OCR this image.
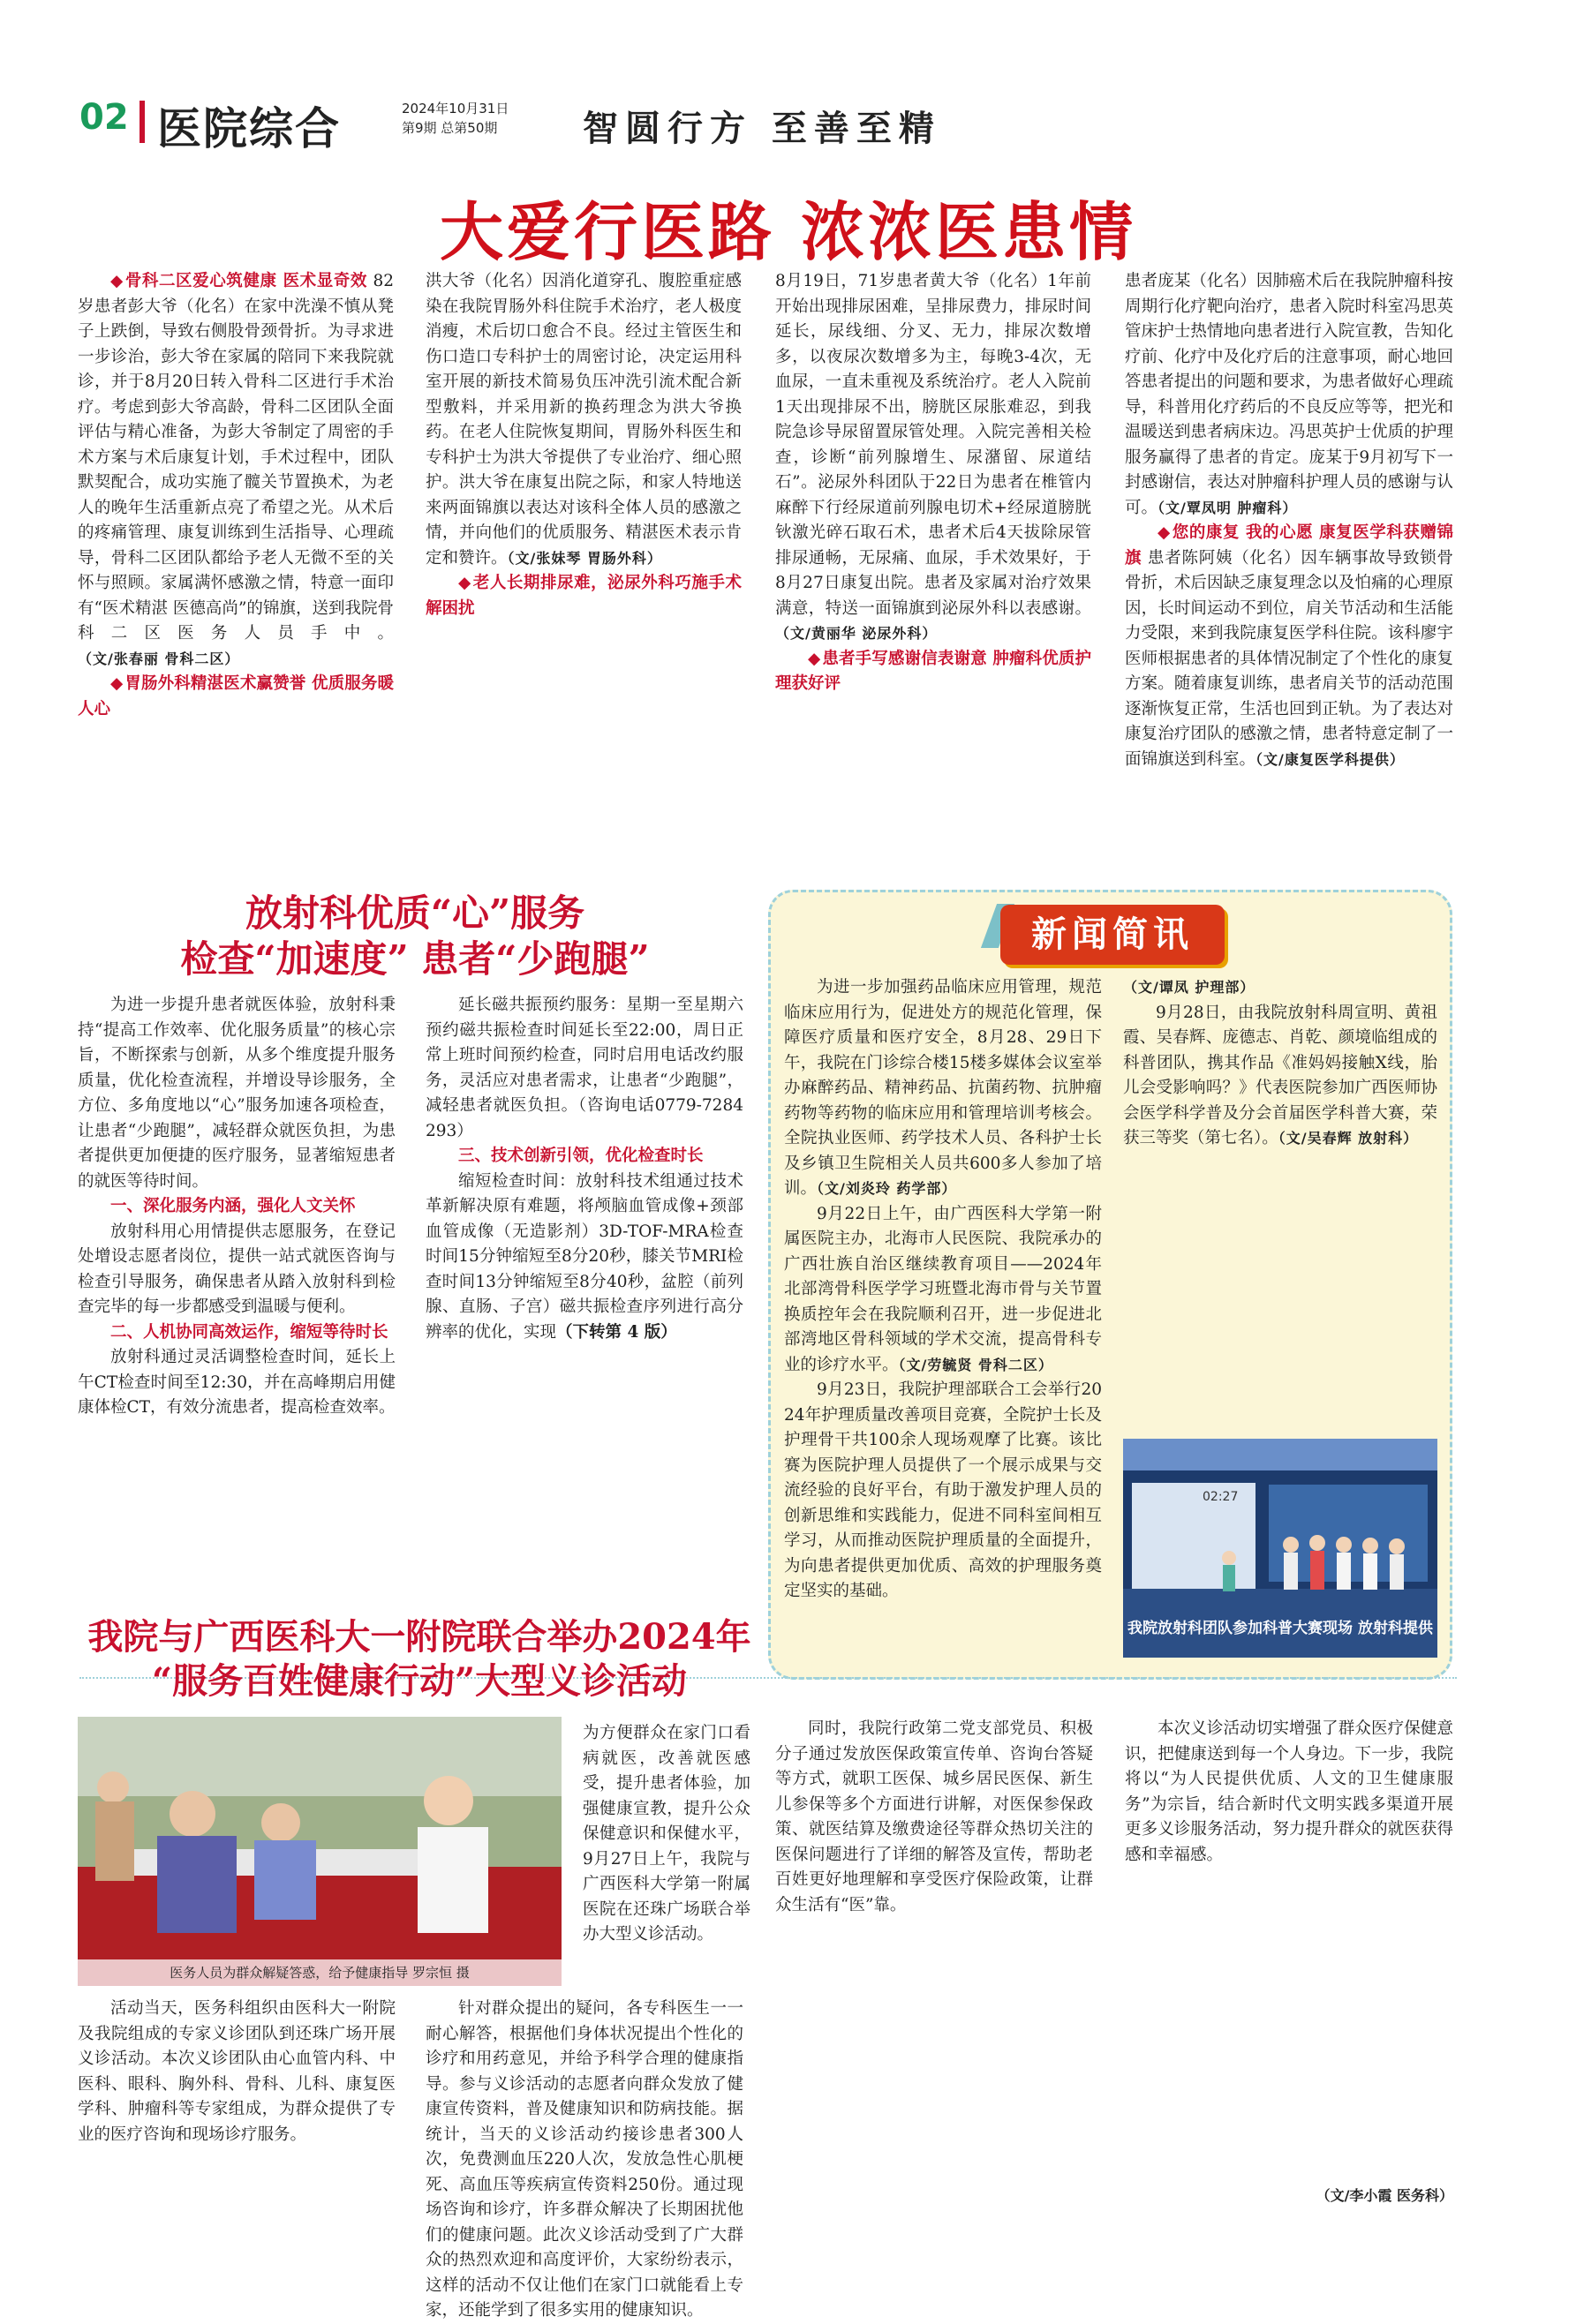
02 医院综合	2024年10月31日
第9期 总第50期	智圆行方 至善至精
大爱行医路 浓浓医患情

◆ 骨科二区爱心筑健康 医术显奇效 82岁患者彭大爷（化名）在家中洗澡不慎从凳子上跌倒，导致右侧股骨颈骨折。为寻求进一步诊治，彭大爷在家属的陪同下来我院就诊，并于8月20日转入骨科二区进行手术治疗。考虑到彭大爷高龄，骨科二区团队全面评估与精心准备，为彭大爷制定了周密的手术方案与术后康复计划，手术过程中，团队默契配合，成功实施了髋关节置换术，为老人的晚年生活重新点亮了希望之光。从术后的疼痛管理、康复训练到生活指导、心理疏导，骨科二区团队都给予老人无微不至的关怀与照顾。家属满怀感激之情，特意一面印有“医术精湛 医德高尚”的锦旗，送到我院骨科二区医务人员手中。（文/张春丽 骨科二区）

◆ 胃肠外科精湛医术赢赞誉 优质服务暖人心

洪大爷（化名）因消化道穿孔、腹腔重症感染在我院胃肠外科住院手术治疗，老人极度消瘦，术后切口愈合不良。经过主管医生和伤口造口专科护士的周密讨论，决定运用科室开展的新技术简易负压冲洗引流术配合新型敷料，并采用新的换药理念为洪大爷换药。在老人住院恢复期间，胃肠外科医生和专科护士为洪大爷提供了专业治疗、细心照护。洪大爷在康复出院之际，和家人特地送来两面锦旗以表达对该科全体人员的感激之情，并向他们的优质服务、精湛医术表示肯定和赞许。（文/张妹琴 胃肠外科）

◆ 老人长期排尿难，泌尿外科巧施手术解困扰

8月19日，71岁患者黄大爷（化名）1年前开始出现排尿困难，呈排尿费力，排尿时间延长，尿线细、分叉、无力，排尿次数增多，以夜尿次数增多为主，每晚3-4次，无血尿，一直未重视及系统治疗。老人入院前1天出现排尿不出，膀胱区尿胀难忍，到我院急诊导尿留置尿管处理。入院完善相关检查，诊断“前列腺增生、尿潴留、尿道结石”。泌尿外科团队于22日为患者在椎管内麻醉下行经尿道前列腺电切术+经尿道膀胱钬激光碎石取石术，患者术后4天拔除尿管排尿通畅，无尿痛、血尿，手术效果好，于8月27日康复出院。患者及家属对治疗效果满意，特送一面锦旗到泌尿外科以表感谢。（文/黄丽华 泌尿外科）

◆ 患者手写感谢信表谢意 肿瘤科优质护理获好评

患者庞某（化名）因肺癌术后在我院肿瘤科按周期行化疗靶向治疗，患者入院时科室冯思英管床护士热情地向患者进行入院宣教，告知化疗前、化疗中及化疗后的注意事项，耐心地回答患者提出的问题和要求，为患者做好心理疏导，科普用化疗药后的不良反应等等，把光和温暖送到患者病床边。冯思英护士优质的护理服务赢得了患者的肯定。庞某于9月初写下一封感谢信，表达对肿瘤科护理人员的感谢与认可。（文/覃凤明 肿瘤科）

◆ 您的康复 我的心愿 康复医学科获赠锦旗 患者陈阿姨（化名）因车辆事故导致锁骨骨折，术后因缺乏康复理念以及怕痛的心理原因，长时间运动不到位，肩关节活动和生活能力受限，来到我院康复医学科住院。该科廖宇医师根据患者的具体情况制定了个性化的康复方案。随着康复训练，患者肩关节的活动范围逐渐恢复正常，生活也回到正轨。为了表达对康复治疗团队的感激之情，患者特意定制了一面锦旗送到科室。（文/康复医学科提供）

放射科优质“心”服务
检查“加速度” 患者“少跑腿”

为进一步提升患者就医体验，放射科秉持“提高工作效率、优化服务质量”的核心宗旨，不断探索与创新，从多个维度提升服务质量，优化检查流程，并增设导诊服务，全方位、多角度地以“心”服务加速各项检查，让患者“少跑腿”，减轻群众就医负担，为患者提供更加便捷的医疗服务，显著缩短患者的就医等待时间。

一、深化服务内涵，强化人文关怀

放射科用心用情提供志愿服务，在登记处增设志愿者岗位，提供一站式就医咨询与检查引导服务，确保患者从踏入放射科到检查完毕的每一步都感受到温暖与便利。

二、人机协同高效运作，缩短等待时长

放射科通过灵活调整检查时间，延长上午CT检查时间至12:30，并在高峰期启用健康体检CT，有效分流患者，提高检查效率。

延长磁共振预约服务：星期一至星期六预约磁共振检查时间延长至22:00，周日正常上班时间预约检查，同时启用电话改约服务，灵活应对患者需求，让患者“少跑腿”，减轻患者就医负担。（咨询电话0779-7284293）

三、技术创新引领，优化检查时长

缩短检查时间：放射科技术组通过技术革新解决原有难题，将颅脑血管成像+颈部血管成像（无造影剂）3D-TOF-MRA检查时间15分钟缩短至8分20秒，膝关节MRI检查时间13分钟缩短至8分40秒，盆腔（前列腺、直肠、子宫）磁共振检查序列进行高分辨率的优化，实现（下转第 4 版）

新闻简讯

为进一步加强药品临床应用管理，规范临床应用行为，促进处方的规范化管理，保障医疗质量和医疗安全，8月28、29日下午，我院在门诊综合楼15楼多媒体会议室举办麻醉药品、精神药品、抗菌药物、抗肿瘤药物等药物的临床应用和管理培训考核会。全院执业医师、药学技术人员、各科护士长及乡镇卫生院相关人员共600多人参加了培训。（文/刘炎玲 药学部）

9月22日上午，由广西医科大学第一附属医院主办，北海市人民医院、我院承办的广西壮族自治区继续教育项目——2024年北部湾骨科医学学习班暨北海市骨与关节置换质控年会在我院顺利召开，进一步促进北部湾地区骨科领域的学术交流，提高骨科专业的诊疗水平。（文/劳毓贤 骨科二区）

9月23日，我院护理部联合工会举行2024年护理质量改善项目竞赛，全院护士长及护理骨干共100余人现场观摩了比赛。该比赛为医院护理人员提供了一个展示成果与交流经验的良好平台，有助于激发护理人员的创新思维和实践能力，促进不同科室间相互学习，从而推动医院护理质量的全面提升，为向患者提供更加优质、高效的护理服务奠定坚实的基础。

（文/谭凤 护理部）

9月28日，由我院放射科周宣明、黄祖霞、吴春辉、庞德志、肖乾、颜境临组成的科普团队，携其作品《准妈妈接触X线，胎儿会受影响吗？》代表医院参加广西医师协会医学科学普及分会首届医学科普大赛，荣获三等奖（第七名）。（文/吴春辉 放射科）

02:27
我院放射科团队参加科普大赛现场 放射科提供
我院与广西医科大一附院联合举办2024年
“服务百姓健康行动”大型义诊活动
医务人员为群众解疑答惑，给予健康指导 罗宗恒 摄

为方便群众在家门口看病就医，改善就医感受，提升患者体验，加强健康宣教，提升公众保健意识和保健水平，9月27日上午，我院与广西医科大学第一附属医院在还珠广场联合举办大型义诊活动。

活动当天，医务科组织由医科大一附院及我院组成的专家义诊团队到还珠广场开展义诊活动。本次义诊团队由心血管内科、中医科、眼科、胸外科、骨科、儿科、康复医学科、肿瘤科等专家组成，为群众提供了专业的医疗咨询和现场诊疗服务。

针对群众提出的疑问，各专科医生一一耐心解答，根据他们身体状况提出个性化的诊疗和用药意见，并给予科学合理的健康指导。参与义诊活动的志愿者向群众发放了健康宣传资料，普及健康知识和防病技能。据统计，当天的义诊活动约接诊患者300人次，免费测血压220人次，发放急性心肌梗死、高血压等疾病宣传资料250份。通过现场咨询和诊疗，许多群众解决了长期困扰他们的健康问题。此次义诊活动受到了广大群众的热烈欢迎和高度评价，大家纷纷表示，这样的活动不仅让他们在家门口就能看上专家，还能学到了很多实用的健康知识。

同时，我院行政第二党支部党员、积极分子通过发放医保政策宣传单、咨询台答疑等方式，就职工医保、城乡居民医保、新生儿参保等多个方面进行讲解，对医保参保政策、就医结算及缴费途径等群众热切关注的医保问题进行了详细的解答及宣传，帮助老百姓更好地理解和享受医疗保险政策，让群众生活有“医”靠。

本次义诊活动切实增强了群众医疗保健意识，把健康送到每一个人身边。下一步，我院将以“为人民提供优质、人文的卫生健康服务”为宗旨，结合新时代文明实践多渠道开展更多义诊服务活动，努力提升群众的就医获得感和幸福感。

（文/李小霞 医务科）
